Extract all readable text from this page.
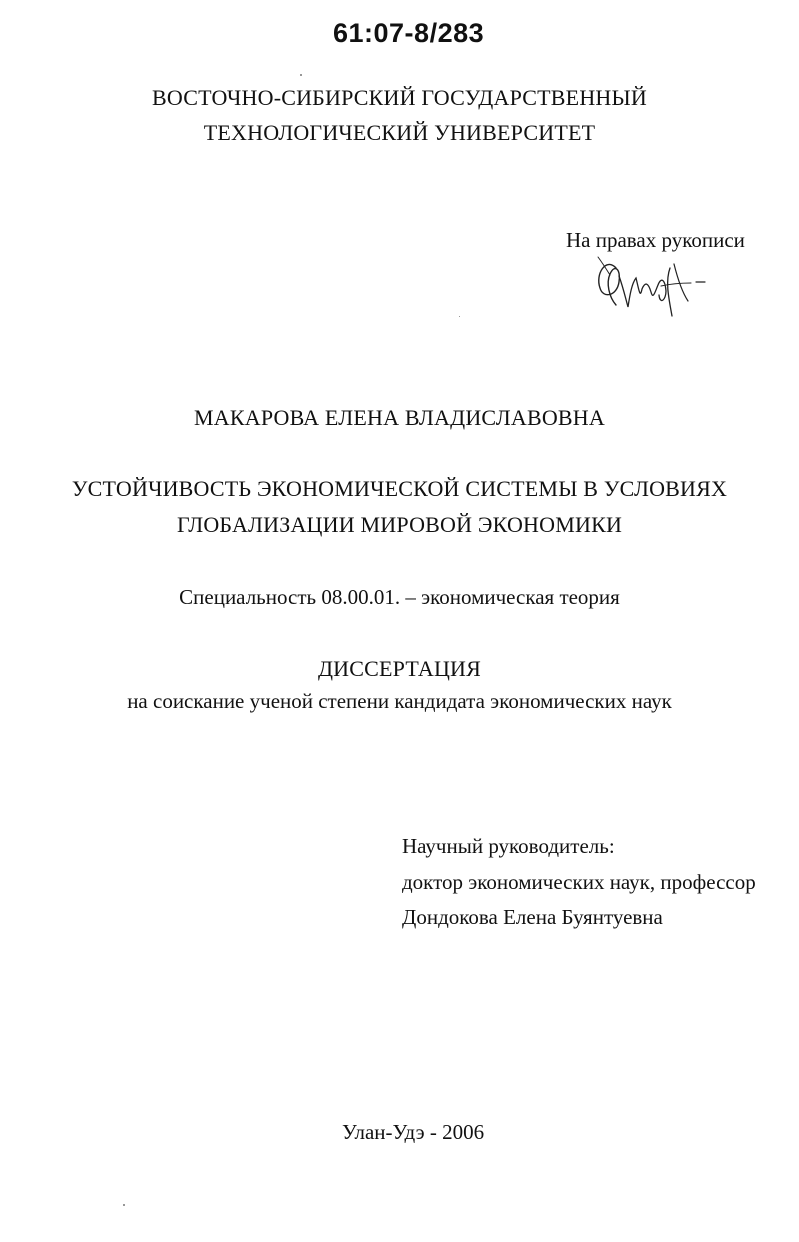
61:07-8/283
ВОСТОЧНО-СИБИРСКИЙ ГОСУДАРСТВЕННЫЙ
ТЕХНОЛОГИЧЕСКИЙ УНИВЕРСИТЕТ
На правах рукописи
МАКАРОВА ЕЛЕНА ВЛАДИСЛАВОВНА
УСТОЙЧИВОСТЬ ЭКОНОМИЧЕСКОЙ СИСТЕМЫ В УСЛОВИЯХ
ГЛОБАЛИЗАЦИИ МИРОВОЙ ЭКОНОМИКИ
Специальность 08.00.01. – экономическая теория
ДИССЕРТАЦИЯ
на соискание ученой степени кандидата экономических наук
Научный руководитель:
доктор экономических наук, профессор
Дондокова Елена Буянтуевна
Улан-Удэ - 2006
